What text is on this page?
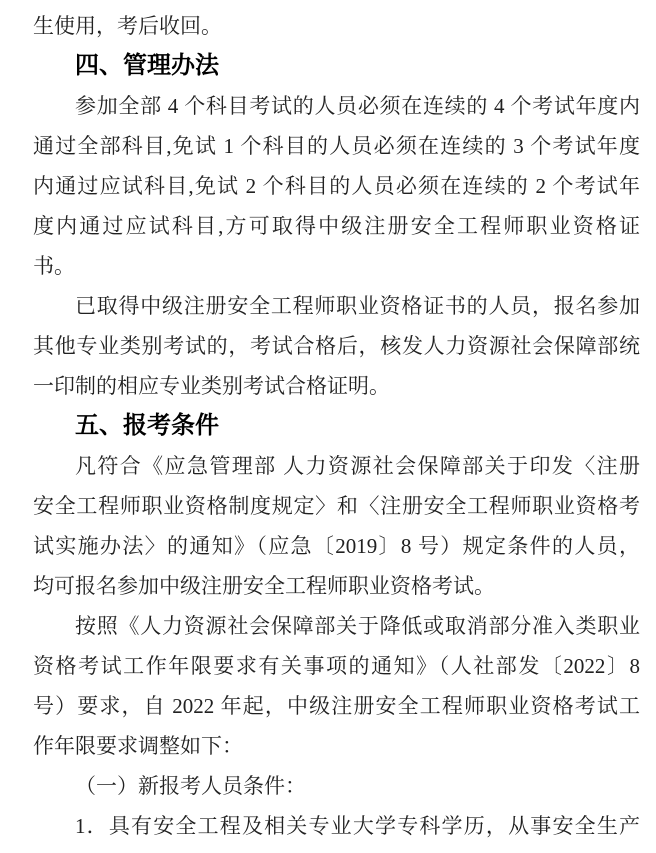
生使用，考后收回。
四、管理办法
参加全部 4 个科目考试的人员必须在连续的 4 个考试年度内
通过全部科目,免试 1 个科目的人员必须在连续的 3 个考试年度
内通过应试科目,免试 2 个科目的人员必须在连续的 2 个考试年
度内通过应试科目,方可取得中级注册安全工程师职业资格证
书。
已取得中级注册安全工程师职业资格证书的人员，报名参加
其他专业类别考试的，考试合格后，核发人力资源社会保障部统
一印制的相应专业类别考试合格证明。
五、报考条件
凡符合《应急管理部 人力资源社会保障部关于印发〈注册
安全工程师职业资格制度规定〉和〈注册安全工程师职业资格考
试实施办法〉的通知》（应急〔2019〕8 号）规定条件的人员，
均可报名参加中级注册安全工程师职业资格考试。
按照《人力资源社会保障部关于降低或取消部分准入类职业
资格考试工作年限要求有关事项的通知》（人社部发〔2022〕8
号）要求，自 2022 年起，中级注册安全工程师职业资格考试工
作年限要求调整如下：
（一）新报考人员条件：
1．具有安全工程及相关专业大学专科学历，从事安全生产
